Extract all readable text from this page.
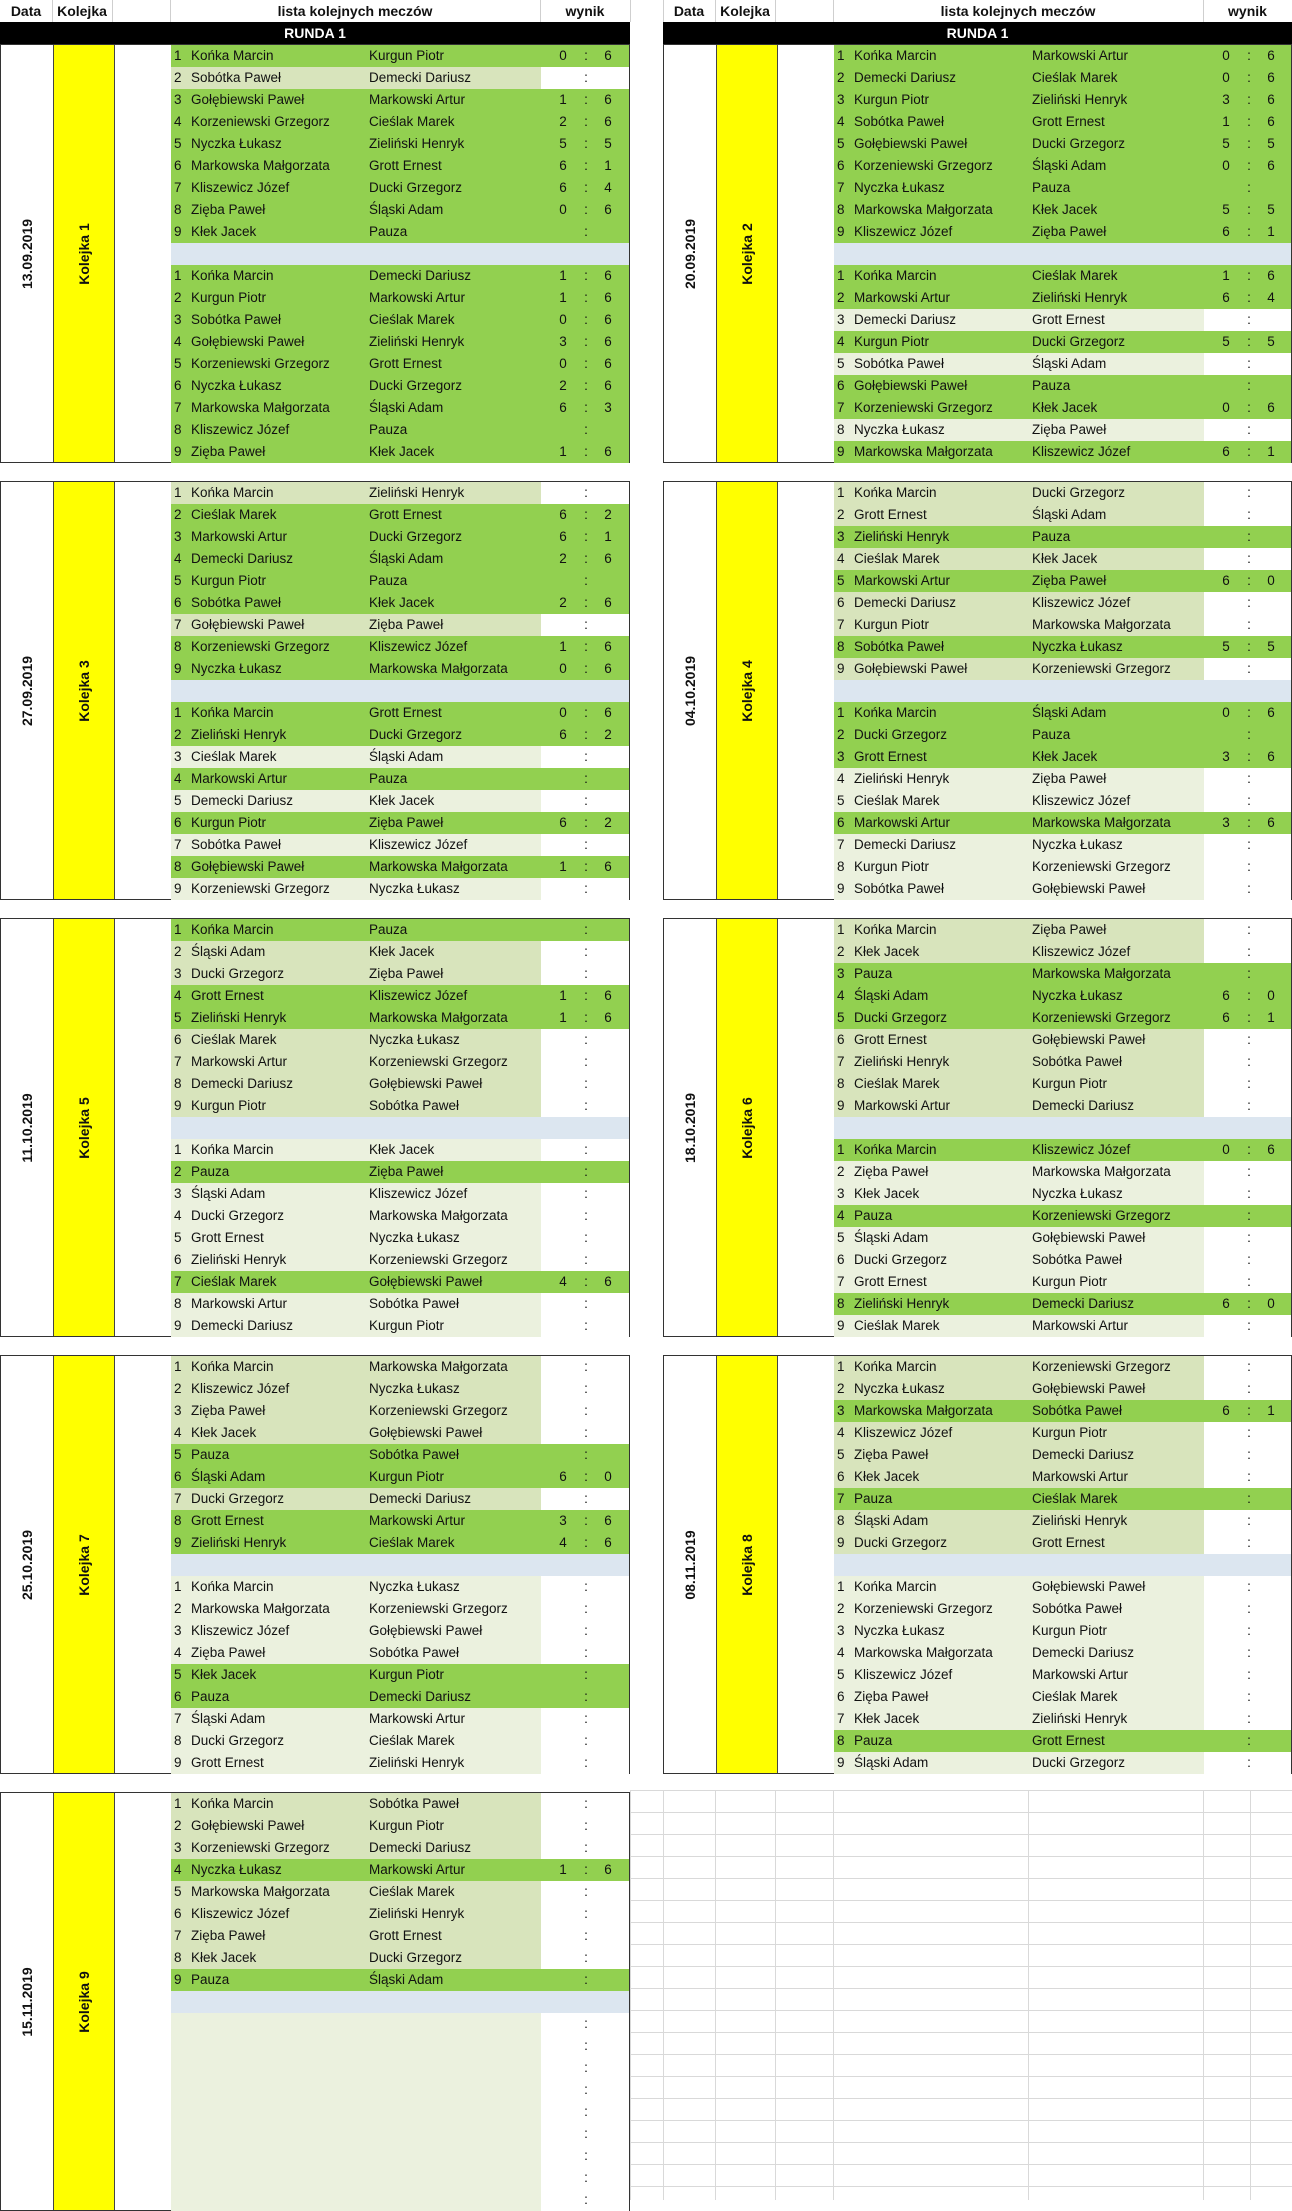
Data	Kolejka	lista kolejnych meczów	wynik	Data	Kolejka	lista kolejnych meczów	wynik
RUNDA 1	RUNDA 1
13.09.2019	Kolejka 1
1 Końka Marcin	Kurgun Piotr	0	:	6
2 Sobótka Paweł	Demecki Dariusz	:
3 Gołębiewski Paweł	Markowski Artur	1	:	6
4 Korzeniewski Grzegorz	Cieślak Marek	2	:	6
5 Nyczka Łukasz	Zieliński Henryk	5	:	5
6 Markowska Małgorzata	Grott Ernest	6	:	1
7 Kliszewicz Józef	Ducki Grzegorz	6	:	4
8 Zięba Paweł	Śląski Adam	0	:	6
9 Kłek Jacek	Pauza	:
1 Końka Marcin	Demecki Dariusz	1	:	6
2 Kurgun Piotr	Markowski Artur	1	:	6
3 Sobótka Paweł	Cieślak Marek	0	:	6
4 Gołębiewski Paweł	Zieliński Henryk	3	:	6
5 Korzeniewski Grzegorz	Grott Ernest	0	:	6
6 Nyczka Łukasz	Ducki Grzegorz	2	:	6
7 Markowska Małgorzata	Śląski Adam	6	:	3
8 Kliszewicz Józef	Pauza	:
9 Zięba Paweł	Kłek Jacek	1	:	6
20.09.2019	Kolejka 2
1 Końka Marcin	Markowski Artur	0	:	6
2 Demecki Dariusz	Cieślak Marek	0	:	6
3 Kurgun Piotr	Zieliński Henryk	3	:	6
4 Sobótka Paweł	Grott Ernest	1	:	6
5 Gołębiewski Paweł	Ducki Grzegorz	5	:	5
6 Korzeniewski Grzegorz	Śląski Adam	0	:	6
7 Nyczka Łukasz	Pauza	:
8 Markowska Małgorzata	Kłek Jacek	5	:	5
9 Kliszewicz Józef	Zięba Paweł	6	:	1
1 Końka Marcin	Cieślak Marek	1	:	6
2 Markowski Artur	Zieliński Henryk	6	:	4
3 Demecki Dariusz	Grott Ernest	:
4 Kurgun Piotr	Ducki Grzegorz	5	:	5
5 Sobótka Paweł	Śląski Adam	:
6 Gołębiewski Paweł	Pauza	:
7 Korzeniewski Grzegorz	Kłek Jacek	0	:	6
8 Nyczka Łukasz	Zięba Paweł	:
9 Markowska Małgorzata	Kliszewicz Józef	6	:	1
27.09.2019	Kolejka 3
1 Końka Marcin	Zieliński Henryk	:
2 Cieślak Marek	Grott Ernest	6	:	2
3 Markowski Artur	Ducki Grzegorz	6	:	1
4 Demecki Dariusz	Śląski Adam	2	:	6
5 Kurgun Piotr	Pauza	:
6 Sobótka Paweł	Kłek Jacek	2	:	6
7 Gołębiewski Paweł	Zięba Paweł	:
8 Korzeniewski Grzegorz	Kliszewicz Józef	1	:	6
9 Nyczka Łukasz	Markowska Małgorzata	0	:	6
1 Końka Marcin	Grott Ernest	0	:	6
2 Zieliński Henryk	Ducki Grzegorz	6	:	2
3 Cieślak Marek	Śląski Adam	:
4 Markowski Artur	Pauza	:
5 Demecki Dariusz	Kłek Jacek	:
6 Kurgun Piotr	Zięba Paweł	6	:	2
7 Sobótka Paweł	Kliszewicz Józef	:
8 Gołębiewski Paweł	Markowska Małgorzata	1	:	6
9 Korzeniewski Grzegorz	Nyczka Łukasz	:
04.10.2019	Kolejka 4
1 Końka Marcin	Ducki Grzegorz	:
2 Grott Ernest	Śląski Adam	:
3 Zieliński Henryk	Pauza	:
4 Cieślak Marek	Kłek Jacek	:
5 Markowski Artur	Zięba Paweł	6	:	0
6 Demecki Dariusz	Kliszewicz Józef	:
7 Kurgun Piotr	Markowska Małgorzata	:
8 Sobótka Paweł	Nyczka Łukasz	5	:	5
9 Gołębiewski Paweł	Korzeniewski Grzegorz	:
1 Końka Marcin	Śląski Adam	0	:	6
2 Ducki Grzegorz	Pauza	:
3 Grott Ernest	Kłek Jacek	3	:	6
4 Zieliński Henryk	Zięba Paweł	:
5 Cieślak Marek	Kliszewicz Józef	:
6 Markowski Artur	Markowska Małgorzata	3	:	6
7 Demecki Dariusz	Nyczka Łukasz	:
8 Kurgun Piotr	Korzeniewski Grzegorz	:
9 Sobótka Paweł	Gołębiewski Paweł	:
11.10.2019	Kolejka 5
1 Końka Marcin	Pauza	:
2 Śląski Adam	Kłek Jacek	:
3 Ducki Grzegorz	Zięba Paweł	:
4 Grott Ernest	Kliszewicz Józef	1	:	6
5 Zieliński Henryk	Markowska Małgorzata	1	:	6
6 Cieślak Marek	Nyczka Łukasz	:
7 Markowski Artur	Korzeniewski Grzegorz	:
8 Demecki Dariusz	Gołębiewski Paweł	:
9 Kurgun Piotr	Sobótka Paweł	:
1 Końka Marcin	Kłek Jacek	:
2 Pauza	Zięba Paweł	:
3 Śląski Adam	Kliszewicz Józef	:
4 Ducki Grzegorz	Markowska Małgorzata	:
5 Grott Ernest	Nyczka Łukasz	:
6 Zieliński Henryk	Korzeniewski Grzegorz	:
7 Cieślak Marek	Gołębiewski Paweł	4	:	6
8 Markowski Artur	Sobótka Paweł	:
9 Demecki Dariusz	Kurgun Piotr	:
18.10.2019	Kolejka 6
1 Końka Marcin	Zięba Paweł	:
2 Kłek Jacek	Kliszewicz Józef	:
3 Pauza	Markowska Małgorzata	:
4 Śląski Adam	Nyczka Łukasz	6	:	0
5 Ducki Grzegorz	Korzeniewski Grzegorz	6	:	1
6 Grott Ernest	Gołębiewski Paweł	:
7 Zieliński Henryk	Sobótka Paweł	:
8 Cieślak Marek	Kurgun Piotr	:
9 Markowski Artur	Demecki Dariusz	:
1 Końka Marcin	Kliszewicz Józef	0	:	6
2 Zięba Paweł	Markowska Małgorzata	:
3 Kłek Jacek	Nyczka Łukasz	:
4 Pauza	Korzeniewski Grzegorz	:
5 Śląski Adam	Gołębiewski Paweł	:
6 Ducki Grzegorz	Sobótka Paweł	:
7 Grott Ernest	Kurgun Piotr	:
8 Zieliński Henryk	Demecki Dariusz	6	:	0
9 Cieślak Marek	Markowski Artur	:
25.10.2019	Kolejka 7
1 Końka Marcin	Markowska Małgorzata	:
2 Kliszewicz Józef	Nyczka Łukasz	:
3 Zięba Paweł	Korzeniewski Grzegorz	:
4 Kłek Jacek	Gołębiewski Paweł	:
5 Pauza	Sobótka Paweł	:
6 Śląski Adam	Kurgun Piotr	6	:	0
7 Ducki Grzegorz	Demecki Dariusz	:
8 Grott Ernest	Markowski Artur	3	:	6
9 Zieliński Henryk	Cieślak Marek	4	:	6
1 Końka Marcin	Nyczka Łukasz	:
2 Markowska Małgorzata	Korzeniewski Grzegorz	:
3 Kliszewicz Józef	Gołębiewski Paweł	:
4 Zięba Paweł	Sobótka Paweł	:
5 Kłek Jacek	Kurgun Piotr	:
6 Pauza	Demecki Dariusz	:
7 Śląski Adam	Markowski Artur	:
8 Ducki Grzegorz	Cieślak Marek	:
9 Grott Ernest	Zieliński Henryk	:
08.11.2019	Kolejka 8
1 Końka Marcin	Korzeniewski Grzegorz	:
2 Nyczka Łukasz	Gołębiewski Paweł	:
3 Markowska Małgorzata	Sobótka Paweł	6	:	1
4 Kliszewicz Józef	Kurgun Piotr	:
5 Zięba Paweł	Demecki Dariusz	:
6 Kłek Jacek	Markowski Artur	:
7 Pauza	Cieślak Marek	:
8 Śląski Adam	Zieliński Henryk	:
9 Ducki Grzegorz	Grott Ernest	:
1 Końka Marcin	Gołębiewski Paweł	:
2 Korzeniewski Grzegorz	Sobótka Paweł	:
3 Nyczka Łukasz	Kurgun Piotr	:
4 Markowska Małgorzata	Demecki Dariusz	:
5 Kliszewicz Józef	Markowski Artur	:
6 Zięba Paweł	Cieślak Marek	:
7 Kłek Jacek	Zieliński Henryk	:
8 Pauza	Grott Ernest	:
9 Śląski Adam	Ducki Grzegorz	:
15.11.2019	Kolejka 9
1 Końka Marcin	Sobótka Paweł	:
2 Gołębiewski Paweł	Kurgun Piotr	:
3 Korzeniewski Grzegorz	Demecki Dariusz	:
4 Nyczka Łukasz	Markowski Artur	1	:	6
5 Markowska Małgorzata	Cieślak Marek	:
6 Kliszewicz Józef	Zieliński Henryk	:
7 Zięba Paweł	Grott Ernest	:
8 Kłek Jacek	Ducki Grzegorz	:
9 Pauza	Śląski Adam	:
:
:
:
:
:
:
:
:
:
